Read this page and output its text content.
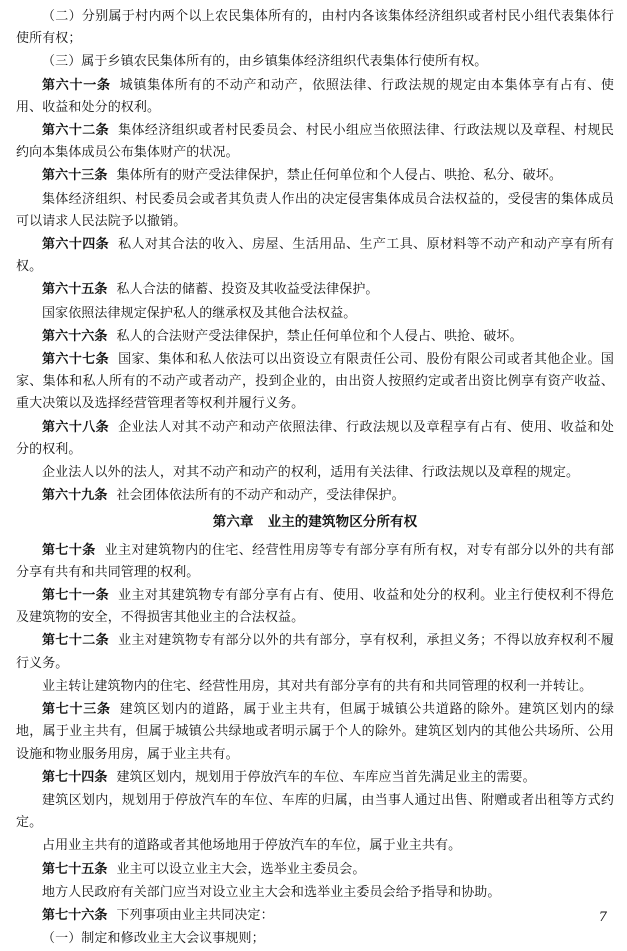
（二）分别属于村内两个以上农民集体所有的，由村内各该集体经济组织或者村民小组代表集体行使所有权；
（三）属于乡镇农民集体所有的，由乡镇集体经济组织代表集体行使所有权。
第六十一条 城镇集体所有的不动产和动产，依照法律、行政法规的规定由本集体享有占有、使用、收益和处分的权利。
第六十二条 集体经济组织或者村民委员会、村民小组应当依照法律、行政法规以及章程、村规民约向本集体成员公布集体财产的状况。
第六十三条 集体所有的财产受法律保护，禁止任何单位和个人侵占、哄抢、私分、破坏。
集体经济组织、村民委员会或者其负责人作出的决定侵害集体成员合法权益的，受侵害的集体成员可以请求人民法院予以撤销。
第六十四条 私人对其合法的收入、房屋、生活用品、生产工具、原材料等不动产和动产享有所有权。
第六十五条 私人合法的储蓄、投资及其收益受法律保护。
国家依照法律规定保护私人的继承权及其他合法权益。
第六十六条 私人的合法财产受法律保护，禁止任何单位和个人侵占、哄抢、破坏。
第六十七条 国家、集体和私人依法可以出资设立有限责任公司、股份有限公司或者其他企业。国家、集体和私人所有的不动产或者动产，投到企业的，由出资人按照约定或者出资比例享有资产收益、重大决策以及选择经营管理者等权利并履行义务。
第六十八条 企业法人对其不动产和动产依照法律、行政法规以及章程享有占有、使用、收益和处分的权利。
企业法人以外的法人，对其不动产和动产的权利，适用有关法律、行政法规以及章程的规定。
第六十九条 社会团体依法所有的不动产和动产，受法律保护。
第六章 业主的建筑物区分所有权
第七十条 业主对建筑物内的住宅、经营性用房等专有部分享有所有权，对专有部分以外的共有部分享有共有和共同管理的权利。
第七十一条 业主对其建筑物专有部分享有占有、使用、收益和处分的权利。业主行使权利不得危及建筑物的安全，不得损害其他业主的合法权益。
第七十二条 业主对建筑物专有部分以外的共有部分，享有权利，承担义务；不得以放弃权利不履行义务。
业主转让建筑物内的住宅、经营性用房，其对共有部分享有的共有和共同管理的权利一并转让。
第七十三条 建筑区划内的道路，属于业主共有，但属于城镇公共道路的除外。建筑区划内的绿地，属于业主共有，但属于城镇公共绿地或者明示属于个人的除外。建筑区划内的其他公共场所、公用设施和物业服务用房，属于业主共有。
第七十四条 建筑区划内，规划用于停放汽车的车位、车库应当首先满足业主的需要。
建筑区划内，规划用于停放汽车的车位、车库的归属，由当事人通过出售、附赠或者出租等方式约定。
占用业主共有的道路或者其他场地用于停放汽车的车位，属于业主共有。
第七十五条 业主可以设立业主大会，选举业主委员会。
地方人民政府有关部门应当对设立业主大会和选举业主委员会给予指导和协助。
第七十六条 下列事项由业主共同决定：
（一）制定和修改业主大会议事规则；
7
